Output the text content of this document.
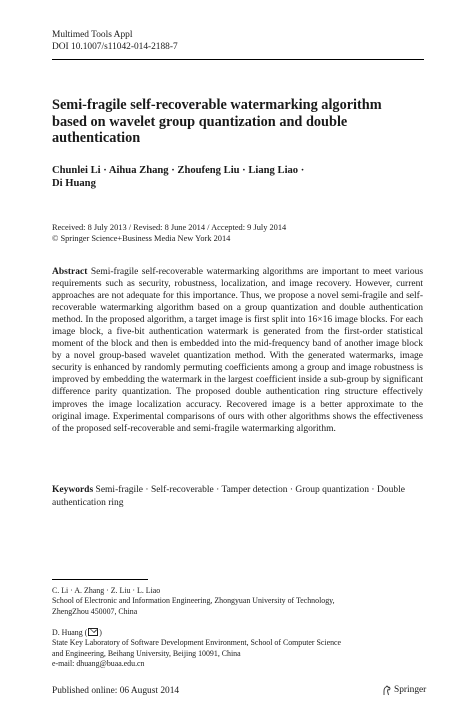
Multimed Tools Appl
DOI 10.1007/s11042-014-2188-7
Semi-fragile self-recoverable watermarking algorithm
based on wavelet group quantization and double
authentication
Chunlei Li · Aihua Zhang · Zhoufeng Liu · Liang Liao ·
Di Huang
Received: 8 July 2013 / Revised: 8 June 2014 / Accepted: 9 July 2014
© Springer Science+Business Media New York 2014
Abstract Semi-fragile self-recoverable watermarking algorithms are important to meet various requirements such as security, robustness, localization, and image recovery. However, current approaches are not adequate for this importance. Thus, we propose a novel semi-fragile and self-recoverable watermarking algorithm based on a group quantization and double authentication method. In the proposed algorithm, a target image is first split into 16×16 image blocks. For each image block, a five-bit authentication watermark is generated from the first-order statistical moment of the block and then is embedded into the mid-frequency band of another image block by a novel group-based wavelet quantization method. With the generated watermarks, image security is enhanced by randomly permuting coefficients among a group and image robustness is improved by embedding the watermark in the largest coefficient inside a sub-group by significant difference parity quantization. The proposed double authentication ring structure effectively improves the image localization accuracy. Recovered image is a better approximate to the original image. Experimental comparisons of ours with other algorithms shows the effectiveness of the proposed self-recoverable and semi-fragile watermarking algorithm.
Keywords Semi-fragile · Self-recoverable · Tamper detection · Group quantization · Double authentication ring
C. Li · A. Zhang · Z. Liu · L. Liao
School of Electronic and Information Engineering, Zhongyuan University of Technology,
ZhengZhou 450007, China
D. Huang ( )
State Key Laboratory of Software Development Environment, School of Computer Science
and Engineering, Beihang University, Beijing 10091, China
e-mail: dhuang@buaa.edu.cn
Published online: 06 August 2014	Springer
